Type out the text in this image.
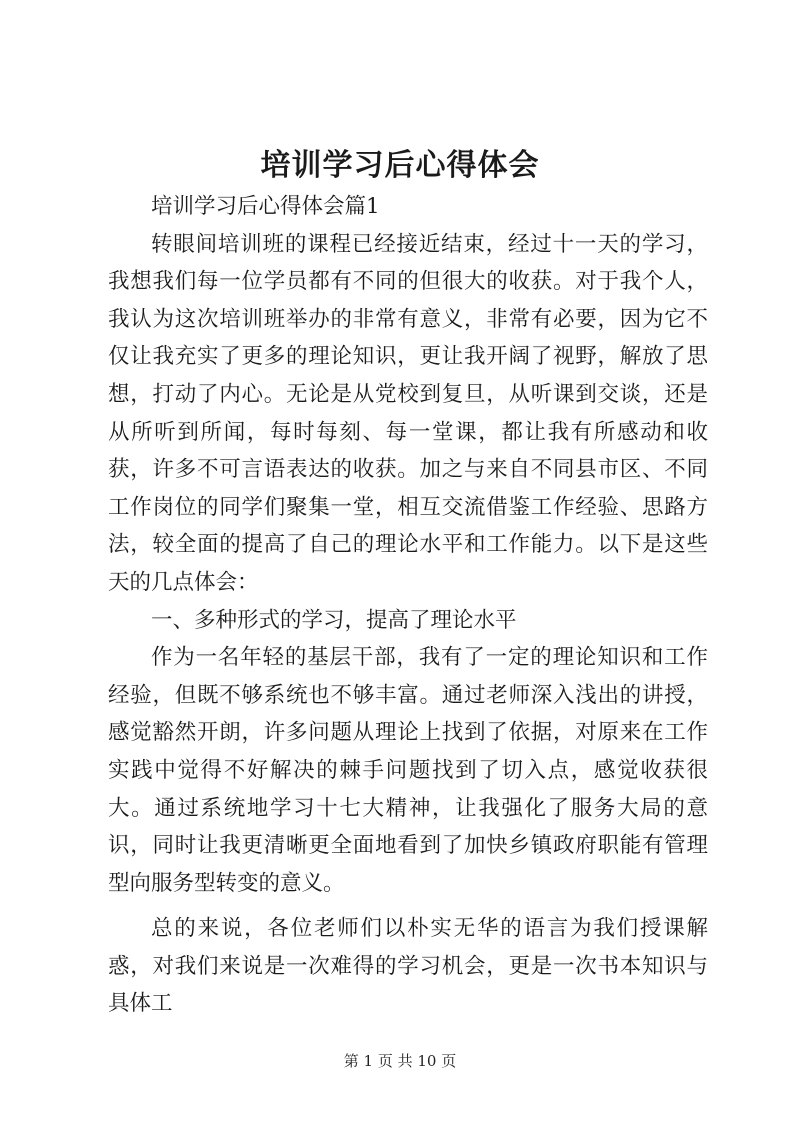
培训学习后心得体会

培训学习后心得体会篇1

转眼间培训班的课程已经接近结束，经过十一天的学习，我想我们每一位学员都有不同的但很大的收获。对于我个人，我认为这次培训班举办的非常有意义，非常有必要，因为它不仅让我充实了更多的理论知识，更让我开阔了视野，解放了思想，打动了内心。无论是从党校到复旦，从听课到交谈，还是从所听到所闻，每时每刻、每一堂课，都让我有所感动和收获，许多不可言语表达的收获。加之与来自不同县市区、不同工作岗位的同学们聚集一堂，相互交流借鉴工作经验、思路方法，较全面的提高了自己的理论水平和工作能力。以下是这些天的几点体会：

一、多种形式的学习，提高了理论水平

作为一名年轻的基层干部，我有了一定的理论知识和工作经验，但既不够系统也不够丰富。通过老师深入浅出的讲授，感觉豁然开朗，许多问题从理论上找到了依据，对原来在工作实践中觉得不好解决的棘手问题找到了切入点，感觉收获很大。通过系统地学习十七大精神，让我强化了服务大局的意识，同时让我更清晰更全面地看到了加快乡镇政府职能有管理型向服务型转变的意义。

总的来说，各位老师们以朴实无华的语言为我们授课解惑，对我们来说是一次难得的学习机会，更是一次书本知识与具体工

第 1 页 共 10 页
